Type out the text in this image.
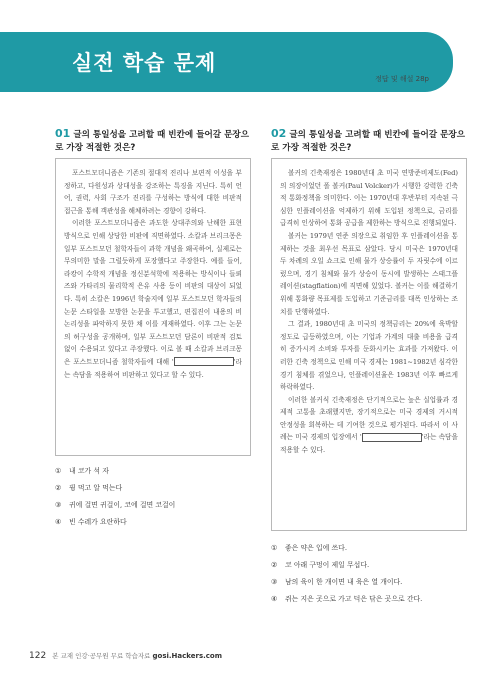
실전 학습 문제
정답 및 해설 28p
01 글의 통일성을 고려할 때 빈칸에 들어갈 문장으로 가장 적절한 것은?

포스트모더니즘은 기존의 절대적 진리나 보편적 이성을 부정하고, 다원성과 상대성을 강조하는 특징을 지닌다. 특히 언어, 권력, 사회 구조가 진리를 구성하는 방식에 대한 비판적 접근을 통해 객관성을 해체하려는 경향이 강하다.

이러한 포스트모더니즘은 과도한 상대주의와 난해한 표현 방식으로 인해 상당한 비판에 직면하였다. 소칼과 브리크몽은 일부 포스트모던 철학자들이 과학 개념을 왜곡하여, 실제로는 무의미한 말을 그럴듯하게 포장했다고 주장한다. 예를 들어, 라캉이 수학적 개념을 정신분석학에 적용하는 방식이나 들뢰즈와 가타리의 물리학적 은유 사용 등이 비판의 대상이 되었다. 특히 소칼은 1996년 학술지에 일부 포스트모던 학자들의 논문 스타일을 모방한 논문을 투고했고, 편집진이 내용의 비논리성을 파악하지 못한 채 이를 게재하였다. 이후 그는 논문의 허구성을 공개하며, 일부 포스트모던 담론이 비판적 검토 없이 수용되고 있다고 주장했다. 이로 볼 때 소칼과 브리크몽은 포스트모더니즘 철학자들에 대해 '	'라는 속담을 적용하여 비판하고 있다고 할 수 있다.

①	내 코가 석 자
②	꿩 먹고 알 먹는다
③	귀에 걸면 귀걸이, 코에 걸면 코걸이
④	빈 수레가 요란하다
02 글의 통일성을 고려할 때 빈칸에 들어갈 문장으로 가장 적절한 것은?

볼커의 긴축재정은 1980년대 초 미국 연방준비제도(Fed)의 의장이었던 폴 볼커(Paul Volcker)가 시행한 강력한 긴축적 통화정책을 의미한다. 이는 1970년대 후반부터 지속된 극심한 인플레이션을 억제하기 위해 도입된 정책으로, 금리를 급격히 인상하여 통화 공급을 제한하는 방식으로 진행되었다.

볼커는 1979년 연준 의장으로 취임한 후 인플레이션을 통제하는 것을 최우선 목표로 삼았다. 당시 미국은 1970년대 두 차례의 오일 쇼크로 인해 물가 상승률이 두 자릿수에 이르렀으며, 경기 침체와 물가 상승이 동시에 발생하는 스태그플레이션(stagflation)에 직면해 있었다. 볼커는 이를 해결하기 위해 통화량 목표제를 도입하고 기준금리를 대폭 인상하는 조치를 단행하였다.

그 결과, 1980년대 초 미국의 정책금리는 20%에 육박할 정도로 급등하였으며, 이는 기업과 가계의 대출 비용을 급격히 증가시켜 소비와 투자를 둔화시키는 효과를 가져왔다. 이러한 긴축 정책으로 인해 미국 경제는 1981~1982년 심각한 경기 침체를 겪었으나, 인플레이션율은 1983년 이후 빠르게 하락하였다.

이러한 볼커식 긴축재정은 단기적으로는 높은 실업률과 경제적 고통을 초래했지만, 장기적으로는 미국 경제의 거시적 안정성을 회복하는 데 기여한 것으로 평가된다. 따라서 이 사례는 미국 경제의 입장에서 '	'라는 속담을 적용할 수 있다.

①	좋은 약은 입에 쓰다.
②	코 아래 구멍이 제일 무섭다.
③	남의 육이 한 개이면 내 육은 열 개이다.
④	쥐는 지은 곳으로 가고 덕은 닦은 곳으로 간다.
122 본 교재 인강·공무원 무료 학습자료 gosi.Hackers.com
